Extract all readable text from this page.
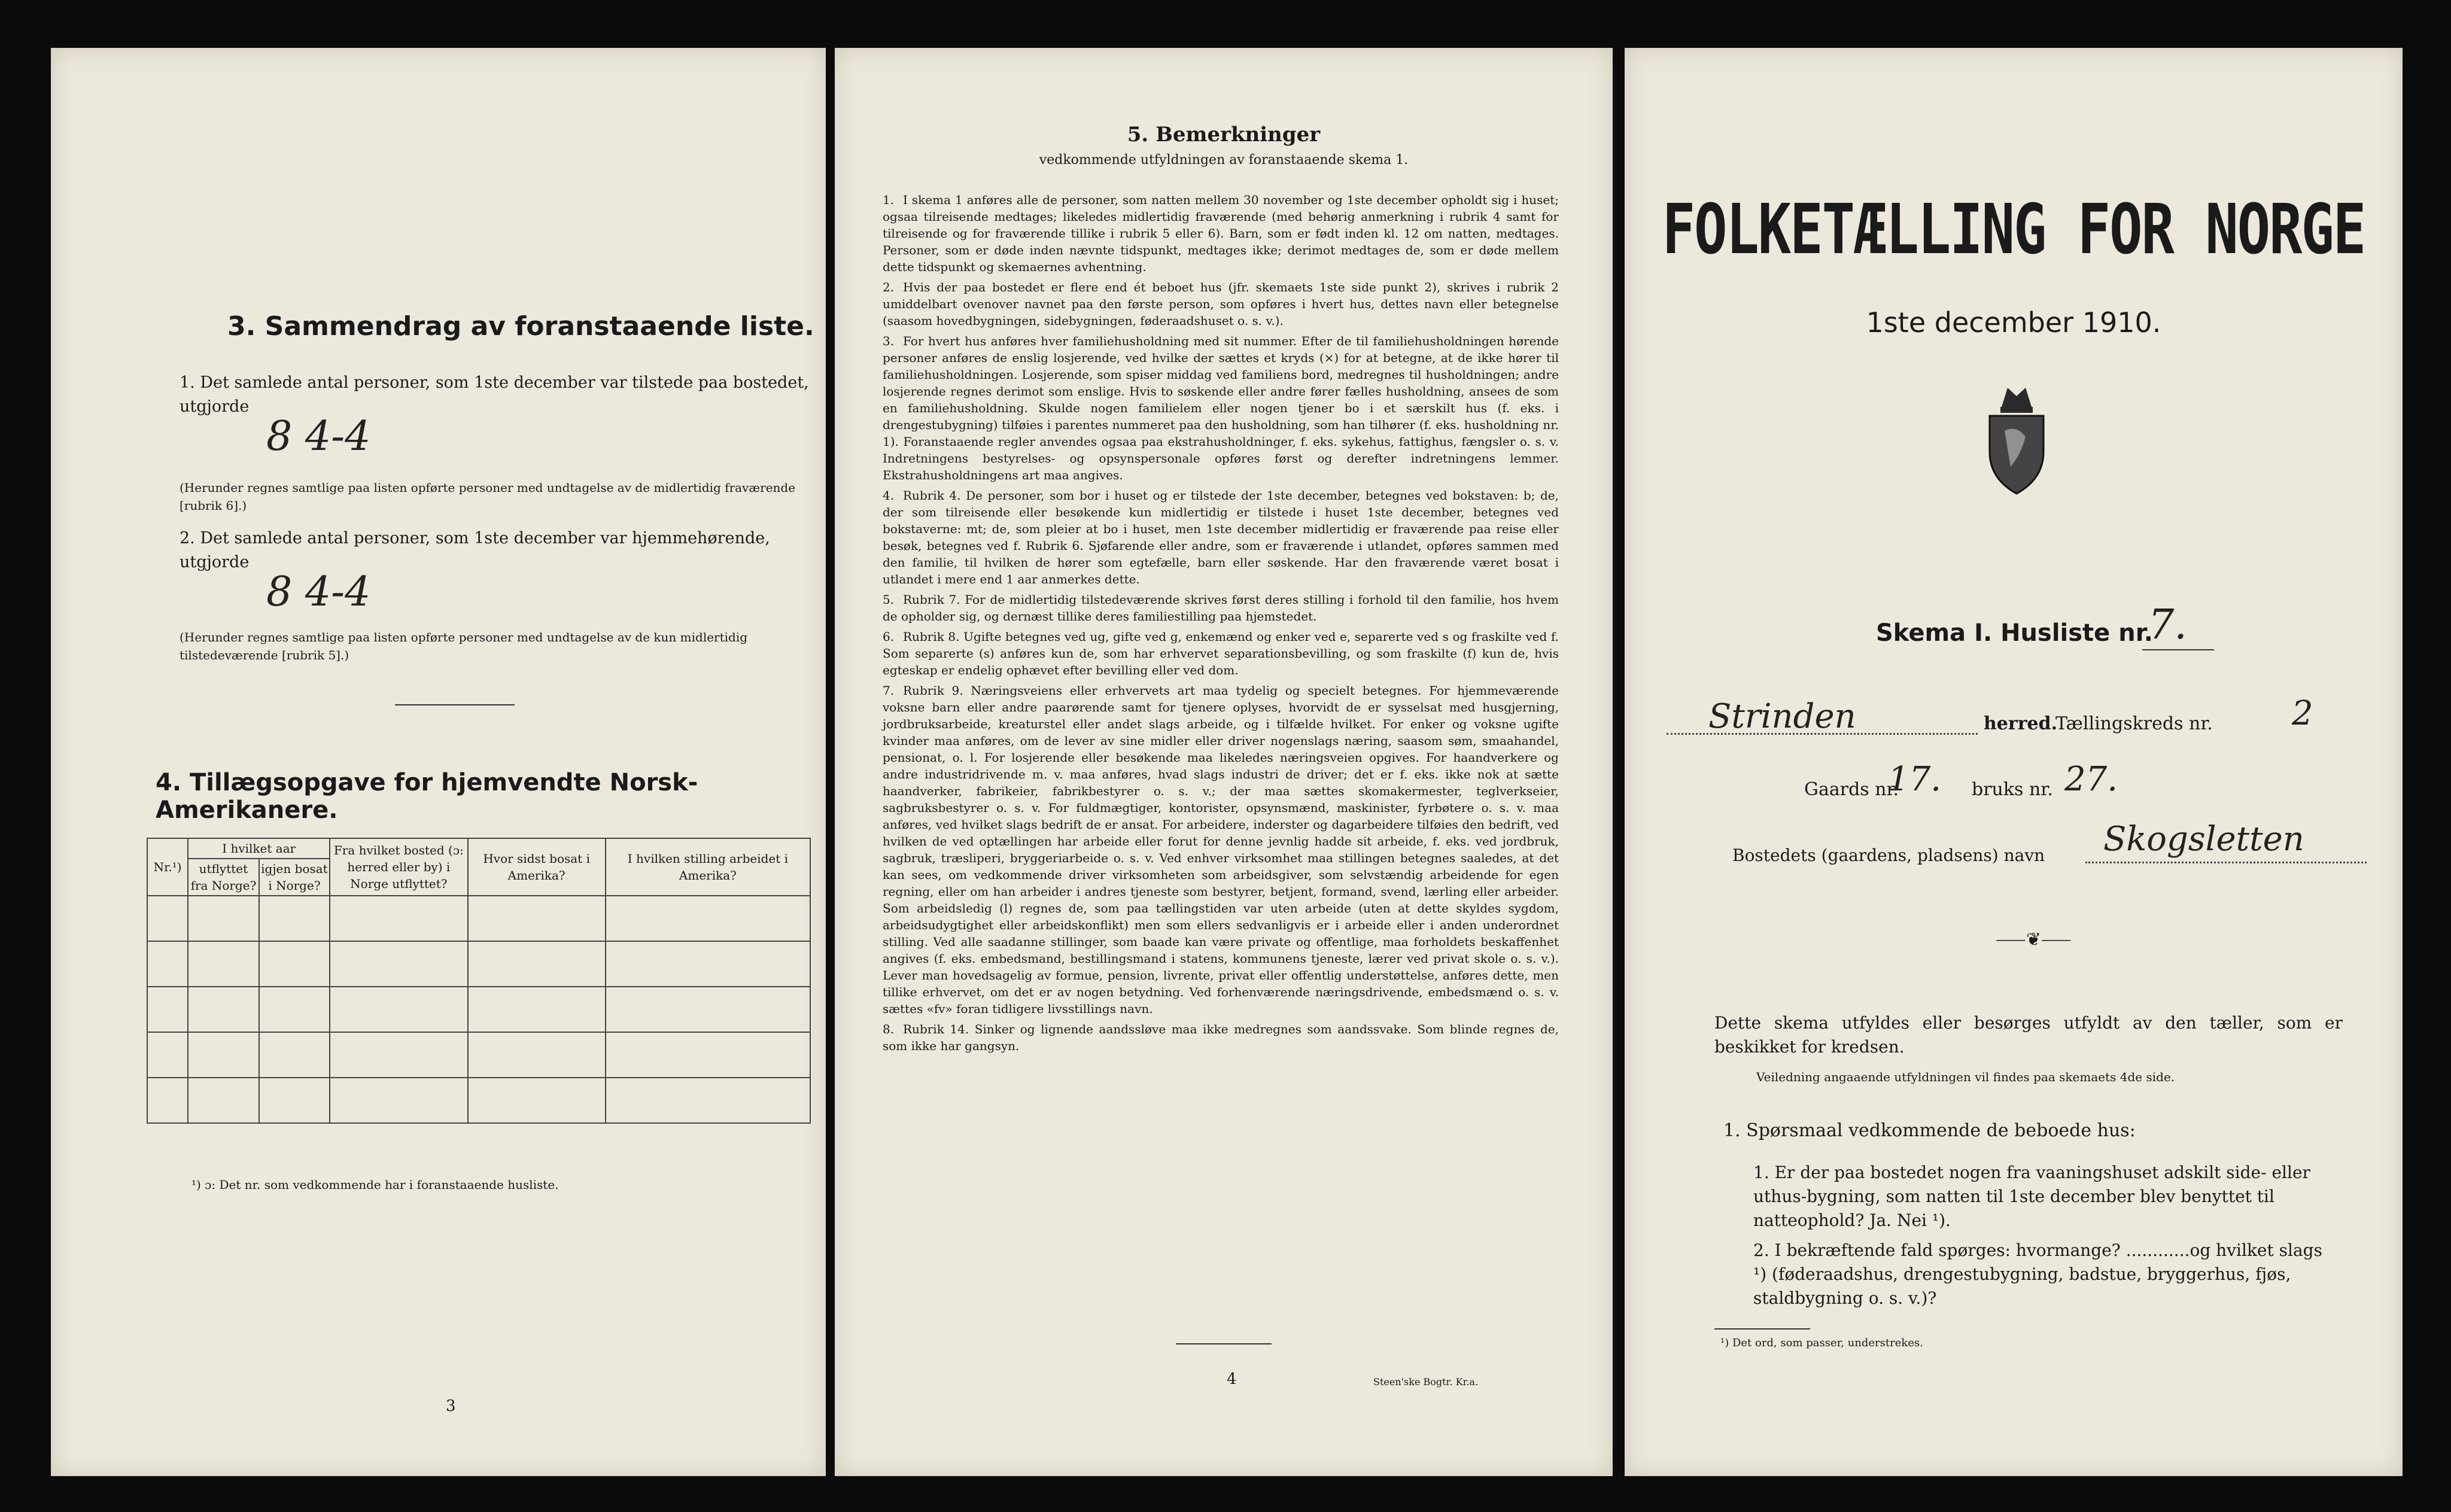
3. Sammendrag av foranstaaende liste.
1. Det samlede antal personer, som 1ste december var tilstede paa bostedet, utgjorde
8 4-4
(Herunder regnes samtlige paa listen opførte personer med undtagelse av de midlertidig fraværende [rubrik 6].)
2. Det samlede antal personer, som 1ste december var hjemmehørende, utgjorde
8 4-4
(Herunder regnes samtlige paa listen opførte personer med undtagelse av de kun midlertidig tilstedeværende [rubrik 5].)
4. Tillægsopgave for hjemvendte Norsk-Amerikanere.
Nr.¹)	I hvilket aar		Fra hvilket bosted (ɔ: herred eller by) i Norge utflyttet?	Hvor sidst bosat i Amerika?	I hvilken stilling arbeidet i Amerika?
	utflyttet fra Norge?	igjen bosat i Norge?			

¹) ɔ: Det nr. som vedkommende har i foranstaaende husliste.
3
5. Bemerkninger
vedkommende utfyldningen av foranstaaende skema 1.

1. I skema 1 anføres alle de personer, som natten mellem 30 november og 1ste december opholdt sig i huset; ogsaa tilreisende medtages; likeledes midlertidig fraværende (med behørig anmerkning i rubrik 4 samt for tilreisende og for fraværende tillike i rubrik 5 eller 6). Barn, som er født inden kl. 12 om natten, medtages. Personer, som er døde inden nævnte tidspunkt, medtages ikke; derimot medtages de, som er døde mellem dette tidspunkt og skemaernes avhentning.

2. Hvis der paa bostedet er flere end ét beboet hus (jfr. skemaets 1ste side punkt 2), skrives i rubrik 2 umiddelbart ovenover navnet paa den første person, som opføres i hvert hus, dettes navn eller betegnelse (saasom hovedbygningen, sidebygningen, føderaadshuset o. s. v.).

3. For hvert hus anføres hver familiehusholdning med sit nummer. Efter de til familiehusholdningen hørende personer anføres de enslig losjerende, ved hvilke der sættes et kryds (×) for at betegne, at de ikke hører til familiehusholdningen. Losjerende, som spiser middag ved familiens bord, medregnes til husholdningen; andre losjerende regnes derimot som enslige. Hvis to søskende eller andre fører fælles husholdning, ansees de som en familiehusholdning. Skulde nogen familielem eller nogen tjener bo i et særskilt hus (f. eks. i drengestubygning) tilføies i parentes nummeret paa den husholdning, som han tilhører (f. eks. husholdning nr. 1). Foranstaaende regler anvendes ogsaa paa ekstrahusholdninger, f. eks. sykehus, fattighus, fængsler o. s. v. Indretningens bestyrelses- og opsynspersonale opføres først og derefter indretningens lemmer. Ekstrahusholdningens art maa angives.

4. Rubrik 4. De personer, som bor i huset og er tilstede der 1ste december, betegnes ved bokstaven: b; de, der som tilreisende eller besøkende kun midlertidig er tilstede i huset 1ste december, betegnes ved bokstaverne: mt; de, som pleier at bo i huset, men 1ste december midlertidig er fraværende paa reise eller besøk, betegnes ved f. Rubrik 6. Sjøfarende eller andre, som er fraværende i utlandet, opføres sammen med den familie, til hvilken de hører som egtefælle, barn eller søskende. Har den fraværende været bosat i utlandet i mere end 1 aar anmerkes dette.

5. Rubrik 7. For de midlertidig tilstedeværende skrives først deres stilling i forhold til den familie, hos hvem de opholder sig, og dernæst tillike deres familiestilling paa hjemstedet.

6. Rubrik 8. Ugifte betegnes ved ug, gifte ved g, enkemænd og enker ved e, separerte ved s og fraskilte ved f. Som separerte (s) anføres kun de, som har erhvervet separationsbevilling, og som fraskilte (f) kun de, hvis egteskap er endelig ophævet efter bevilling eller ved dom.

7. Rubrik 9. Næringsveiens eller erhvervets art maa tydelig og specielt betegnes. For hjemmeværende voksne barn eller andre paarørende samt for tjenere oplyses, hvorvidt de er sysselsat med husgjerning, jordbruksarbeide, kreaturstel eller andet slags arbeide, og i tilfælde hvilket. For enker og voksne ugifte kvinder maa anføres, om de lever av sine midler eller driver nogenslags næring, saasom søm, smaahandel, pensionat, o. l. For losjerende eller besøkende maa likeledes næringsveien opgives. For haandverkere og andre industridrivende m. v. maa anføres, hvad slags industri de driver; det er f. eks. ikke nok at sætte haandverker, fabrikeier, fabrikbestyrer o. s. v.; der maa sættes skomakermester, teglverkseier, sagbruksbestyrer o. s. v. For fuldmægtiger, kontorister, opsynsmænd, maskinister, fyrbøtere o. s. v. maa anføres, ved hvilket slags bedrift de er ansat. For arbeidere, inderster og dagarbeidere tilføies den bedrift, ved hvilken de ved optællingen har arbeide eller forut for denne jevnlig hadde sit arbeide, f. eks. ved jordbruk, sagbruk, træsliperi, bryggeriarbeide o. s. v. Ved enhver virksomhet maa stillingen betegnes saaledes, at det kan sees, om vedkommende driver virksomheten som arbeidsgiver, som selvstændig arbeidende for egen regning, eller om han arbeider i andres tjeneste som bestyrer, betjent, formand, svend, lærling eller arbeider. Som arbeidsledig (l) regnes de, som paa tællingstiden var uten arbeide (uten at dette skyldes sygdom, arbeidsudygtighet eller arbeidskonflikt) men som ellers sedvanligvis er i arbeide eller i anden underordnet stilling. Ved alle saadanne stillinger, som baade kan være private og offentlige, maa forholdets beskaffenhet angives (f. eks. embedsmand, bestillingsmand i statens, kommunens tjeneste, lærer ved privat skole o. s. v.). Lever man hovedsagelig av formue, pension, livrente, privat eller offentlig understøttelse, anføres dette, men tillike erhvervet, om det er av nogen betydning. Ved forhenværende næringsdrivende, embedsmænd o. s. v. sættes «fv» foran tidligere livsstillings navn.

8. Rubrik 14. Sinker og lignende aandssløve maa ikke medregnes som aandssvake. Som blinde regnes de, som ikke har gangsyn.

4	Steen'ske Bogtr. Kr.a.
FOLKETÆLLING FOR NORGE
1ste december 1910.
Skema I. Husliste nr.
7.
Strinden	herred.
Tællingskreds nr. 2
Gaards nr.
17. bruks nr. 27.
Bostedets (gaardens, pladsens) navn Skogsletten
⸺❦⸺
Dette skema utfyldes eller besørges utfyldt av den tæller, som er beskikket for kredsen.
Veiledning angaaende utfyldningen vil findes paa skemaets 4de side.
1. Spørsmaal vedkommende de beboede hus:
1. Er der paa bostedet nogen fra vaaningshuset adskilt side- eller uthus-bygning, som natten til 1ste december blev benyttet til natteophold? Ja. Nei ¹).
2. I bekræftende fald spørges: hvormange? ............og hvilket slags ¹) (føderaadshus, drengestubygning, badstue, bryggerhus, fjøs, staldbygning o. s. v.)?
¹) Det ord, som passer, understrekes.
